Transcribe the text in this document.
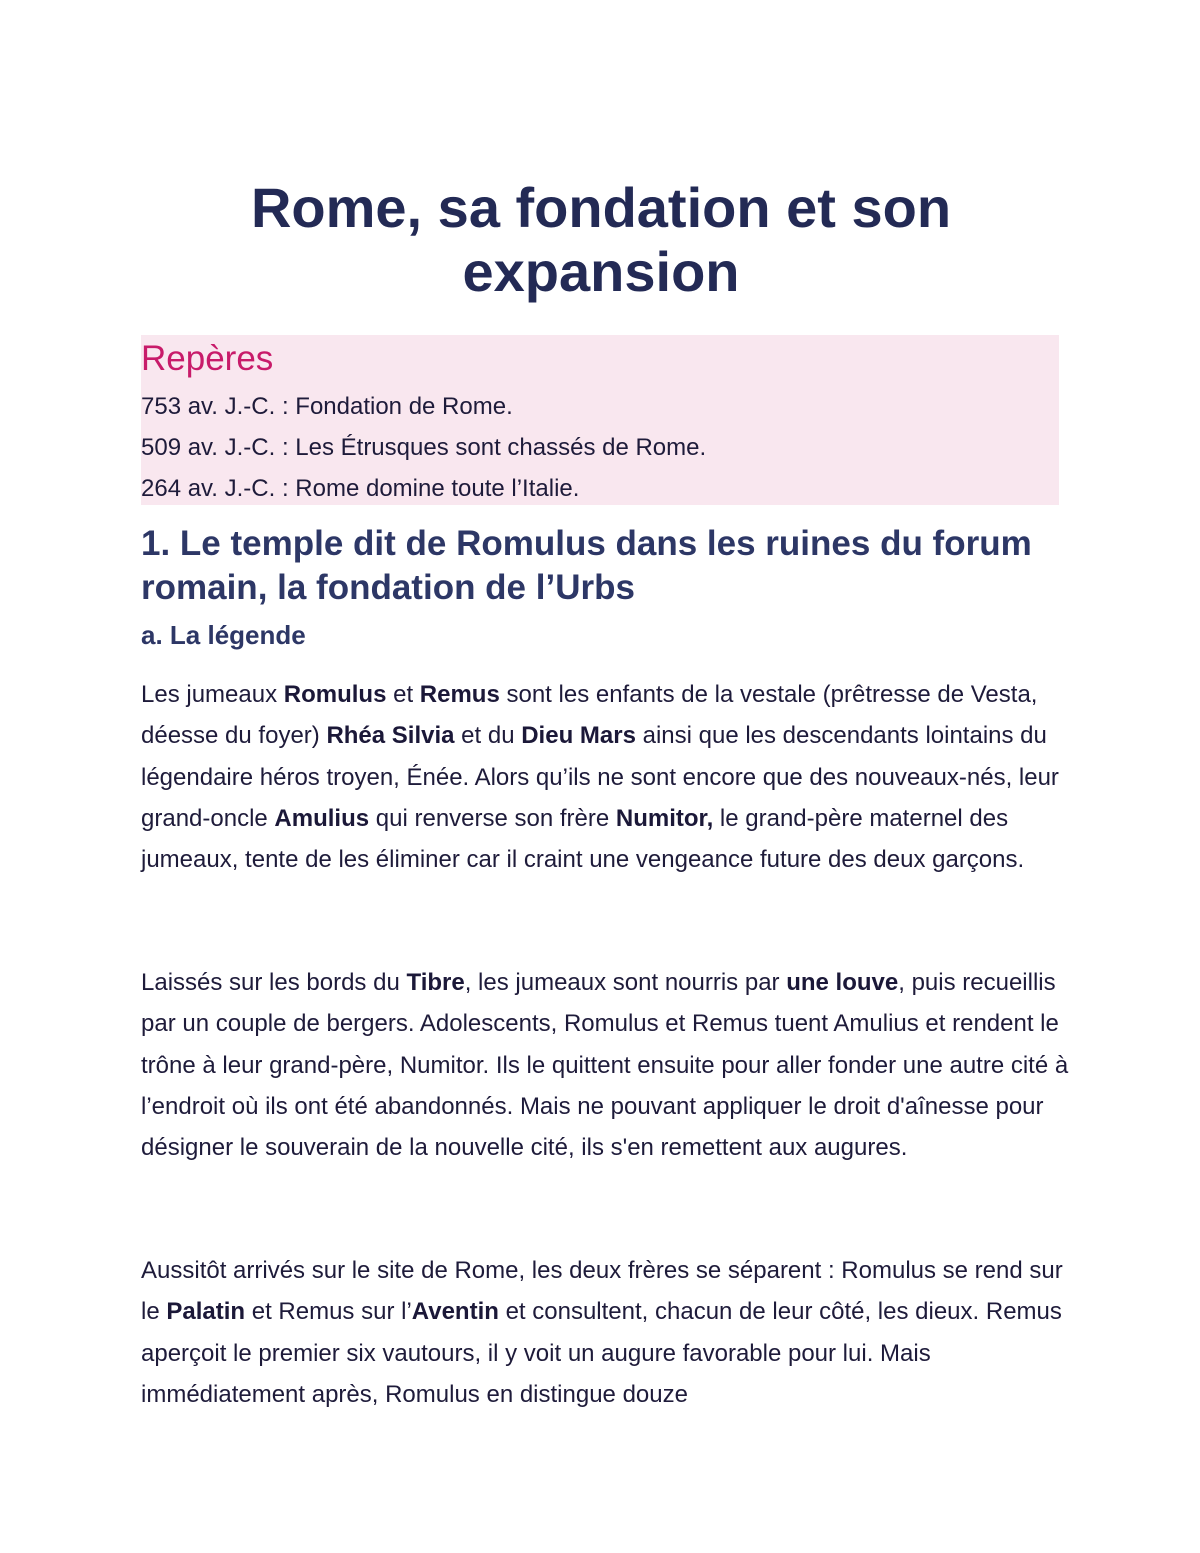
Rome, sa fondation et son expansion
Repères
753 av. J.-C. : Fondation de Rome.
509 av. J.-C. : Les Étrusques sont chassés de Rome.
264 av. J.-C. : Rome domine toute l’Italie.
1. Le temple dit de Romulus dans les ruines du forum romain, la fondation de l’Urbs
a. La légende

Les jumeaux Romulus et Remus sont les enfants de la vestale (prêtresse de Vesta, déesse du foyer) Rhéa Silvia et du Dieu Mars ainsi que les descendants lointains du légendaire héros troyen, Énée. Alors qu’ils ne sont encore que des nouveaux-nés, leur grand-oncle Amulius qui renverse son frère Numitor, le grand-père maternel des jumeaux, tente de les éliminer car il craint une vengeance future des deux garçons.

Laissés sur les bords du Tibre, les jumeaux sont nourris par une louve, puis recueillis par un couple de bergers. Adolescents, Romulus et Remus tuent Amulius et rendent le trône à leur grand-père, Numitor. Ils le quittent ensuite pour aller fonder une autre cité à l’endroit où ils ont été abandonnés. Mais ne pouvant appliquer le droit d'aînesse pour désigner le souverain de la nouvelle cité, ils s'en remettent aux augures.

Aussitôt arrivés sur le site de Rome, les deux frères se séparent : Romulus se rend sur le Palatin et Remus sur l’Aventin et consultent, chacun de leur côté, les dieux. Remus aperçoit le premier six vautours, il y voit un augure favorable pour lui. Mais immédiatement après, Romulus en distingue douze
